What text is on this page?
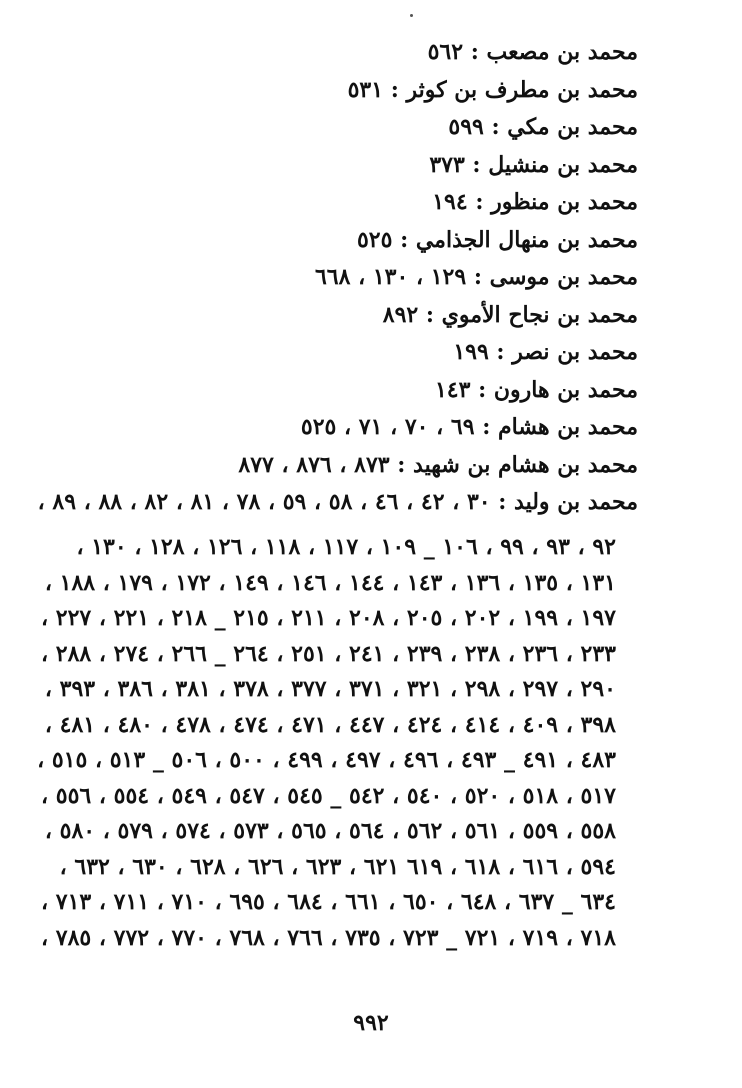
محمد بن مصعب : ٥٦٢
محمد بن مطرف بن كوثر : ٥٣١
محمد بن مكي : ٥٩٩
محمد بن منشيل : ٣٧٣
محمد بن منظور : ١٩٤
محمد بن منهال الجذامي : ٥٢٥
محمد بن موسى : ١٢٩ ، ١٣٠ ، ٦٦٨
محمد بن نجاح الأموي : ٨٩٢
محمد بن نصر : ١٩٩
محمد بن هارون : ١٤٣
محمد بن هشام : ٦٩ ، ٧٠ ، ٧١ ، ٥٢٥
محمد بن هشام بن شهيد : ٨٧٣ ، ٨٧٦ ، ٨٧٧
محمد بن وليد : ٣٠ ، ٤٢ ، ٤٦ ، ٥٨ ، ٥٩ ، ٧٨ ، ٨١ ، ٨٢ ، ٨٨ ، ٨٩ ،
٩٢ ، ٩٣ ، ٩٩ ، ١٠٦ _ ١٠٩ ، ١١٧ ، ١١٨ ، ١٢٦ ، ١٢٨ ، ١٣٠ ،
١٣١ ، ١٣٥ ، ١٣٦ ، ١٤٣ ، ١٤٤ ، ١٤٦ ، ١٤٩ ، ١٧٢ ، ١٧٩ ، ١٨٨ ،
١٩٧ ، ١٩٩ ، ٢٠٢ ، ٢٠٥ ، ٢٠٨ ، ٢١١ ، ٢١٥ _ ٢١٨ ، ٢٢١ ، ٢٢٧ ،
٢٣٣ ، ٢٣٦ ، ٢٣٨ ، ٢٣٩ ، ٢٤١ ، ٢٥١ ، ٢٦٤ _ ٢٦٦ ، ٢٧٤ ، ٢٨٨ ،
٢٩٠ ، ٢٩٧ ، ٢٩٨ ، ٣٢١ ، ٣٧١ ، ٣٧٧ ، ٣٧٨ ، ٣٨١ ، ٣٨٦ ، ٣٩٣ ،
٣٩٨ ، ٤٠٩ ، ٤١٤ ، ٤٢٤ ، ٤٤٧ ، ٤٧١ ، ٤٧٤ ، ٤٧٨ ، ٤٨٠ ، ٤٨١ ،
٤٨٣ ، ٤٩١ _ ٤٩٣ ، ٤٩٦ ، ٤٩٧ ، ٤٩٩ ، ٥٠٠ ، ٥٠٦ _ ٥١٣ ، ٥١٥ ،
٥١٧ ، ٥١٨ ، ٥٢٠ ، ٥٤٠ ، ٥٤٢ _ ٥٤٥ ، ٥٤٧ ، ٥٤٩ ، ٥٥٤ ، ٥٥٦ ،
٥٥٨ ، ٥٥٩ ، ٥٦١ ، ٥٦٢ ، ٥٦٤ ، ٥٦٥ ، ٥٧٣ ، ٥٧٤ ، ٥٧٩ ، ٥٨٠ ،
٥٩٤ ، ٦١٦ ، ٦١٨ ، ٦١٩ ٦٢١ ، ٦٢٣ ، ٦٢٦ ، ٦٢٨ ، ٦٣٠ ، ٦٣٢ ،
٦٣٤ _ ٦٣٧ ، ٦٤٨ ، ٦٥٠ ، ٦٦١ ، ٦٨٤ ، ٦٩٥ ، ٧١٠ ، ٧١١ ، ٧١٣ ،
٧١٨ ، ٧١٩ ، ٧٢١ _ ٧٢٣ ، ٧٣٥ ، ٧٦٦ ، ٧٦٨ ، ٧٧٠ ، ٧٧٢ ، ٧٨٥ ،
٩٩٢
